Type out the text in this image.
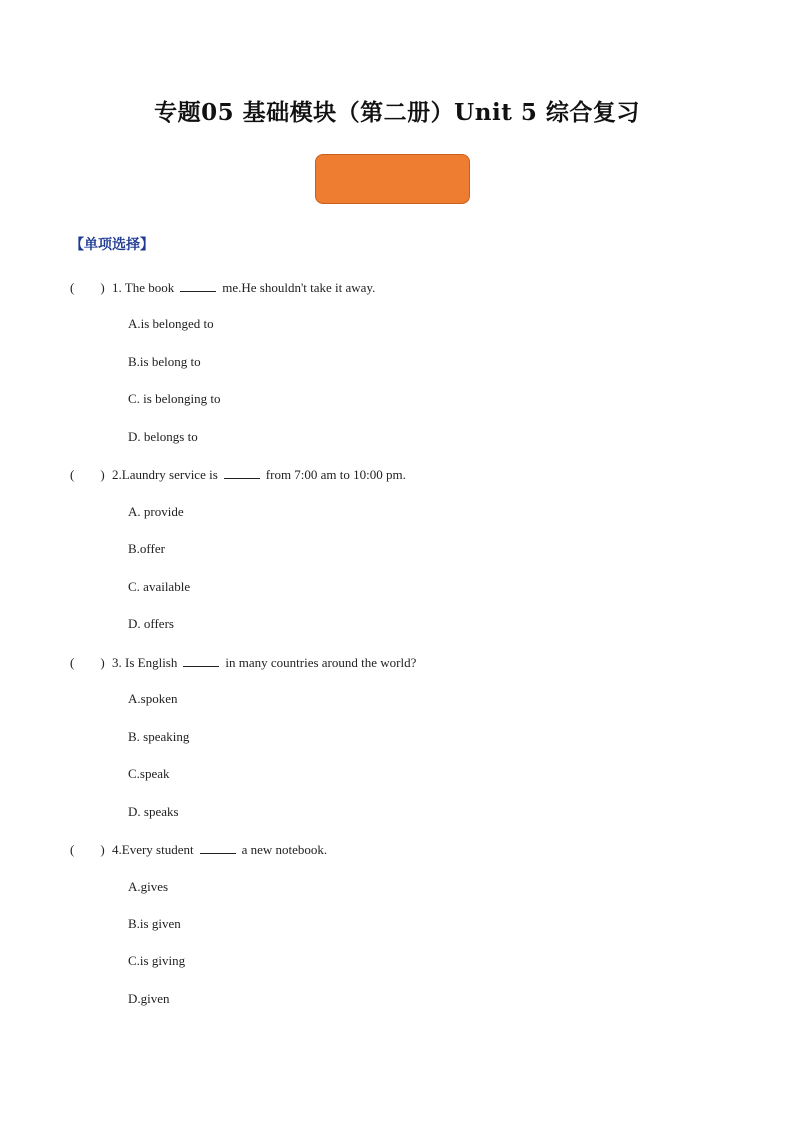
专题05 基础模块（第二册）Unit 5 综合复习
【单项选择】
( ) 1. The book	me.He shouldn't take it away.
A.is belonged to
B.is belong to
C. is belonging to
D. belongs to
( ) 2.Laundry service is	from 7:00 am to 10:00 pm.
A. provide
B.offer
C. available
D. offers
( ) 3. Is English	in many countries around the world?
A.spoken
B. speaking
C.speak
D. speaks
( ) 4.Every student	a new notebook.
A.gives
B.is given
C.is giving
D.given
